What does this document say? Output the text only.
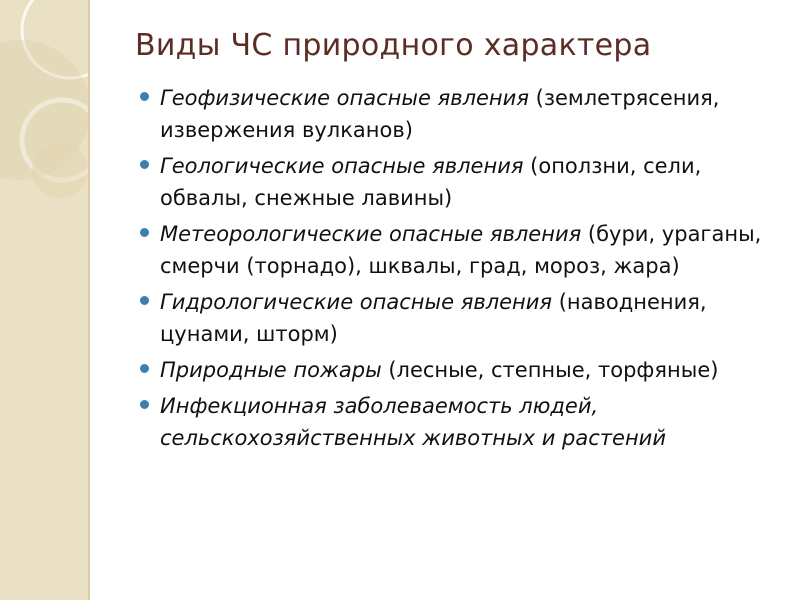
Виды ЧС природного характера
Геофизические опасные явления (землетрясения, извержения вулканов)
Геологические опасные явления (оползни, сели, обвалы, снежные лавины)
Метеорологические опасные явления (бури, ураганы, смерчи (торнадо), шквалы, град, мороз, жара)
Гидрологические опасные явления (наводнения, цунами, шторм)
Природные пожары (лесные, степные, торфяные)
Инфекционная заболеваемость людей, сельскохозяйственных животных и растений
